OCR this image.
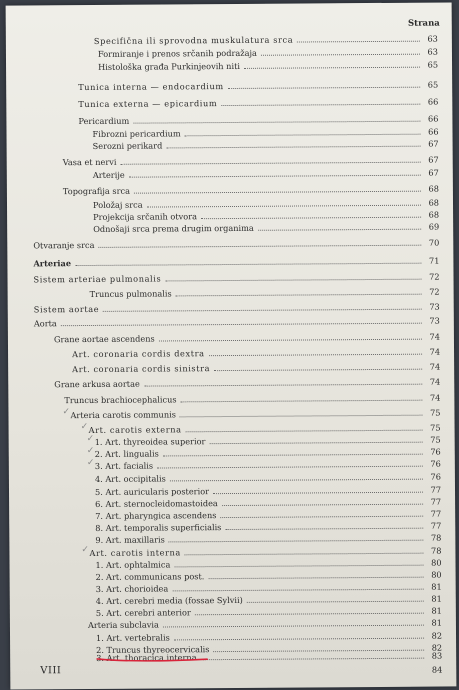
Strana
Specifična ili sprovodna muskulatura srca	63
Formiranje i prenos srčanih podražaja	63
Histološka građa Purkinjeovih niti	65
Tunica interna — endocardium	65
Tunica externa — epicardium	66
Pericardium	66
Fibrozni pericardium	66
Serozni perikard	67
Vasa et nervi	67
Arterije	67
Topografija srca	68
Položaj srca	68
Projekcija srčanih otvora	68
Odnošaji srca prema drugim organima	69
Otvaranje srca	70
Arteriae	71
Sistem arteriae pulmonalis	72
Truncus pulmonalis	72
Sistem aortae	73
Aorta	73
Grane aortae ascendens	74
Art. coronaria cordis dextra	74
Art. coronaria cordis sinistra	74
Grane arkusa aortae	74
Truncus brachiocephalicus	74
✓ Arteria carotis communis	75
✓ Art. carotis externa	75
✓ 1. Art. thyreoidea superior	75
✓ 2. Art. lingualis	76
✓ 3. Art. facialis	76
4. Art. occipitalis	76
5. Art. auricularis posterior	77
6. Art. sternocleidomastoidea	77
7. Art. pharyngica ascendens	77
8. Art. temporalis superficialis	77
9. Art. maxillaris	78
✓ Art. carotis interna	78
1. Art. ophtalmica	80
2. Art. communicans post.	80
3. Art. chorioidea	81
4. Art. cerebri media (fossae Sylvii)	81
5. Art. cerebri anterior	81
Arteria subclavia	81
1. Art. vertebralis	82
2. Truncus thyreocervicalis	82
3. Art. thoracica interna	83
VIII	84
